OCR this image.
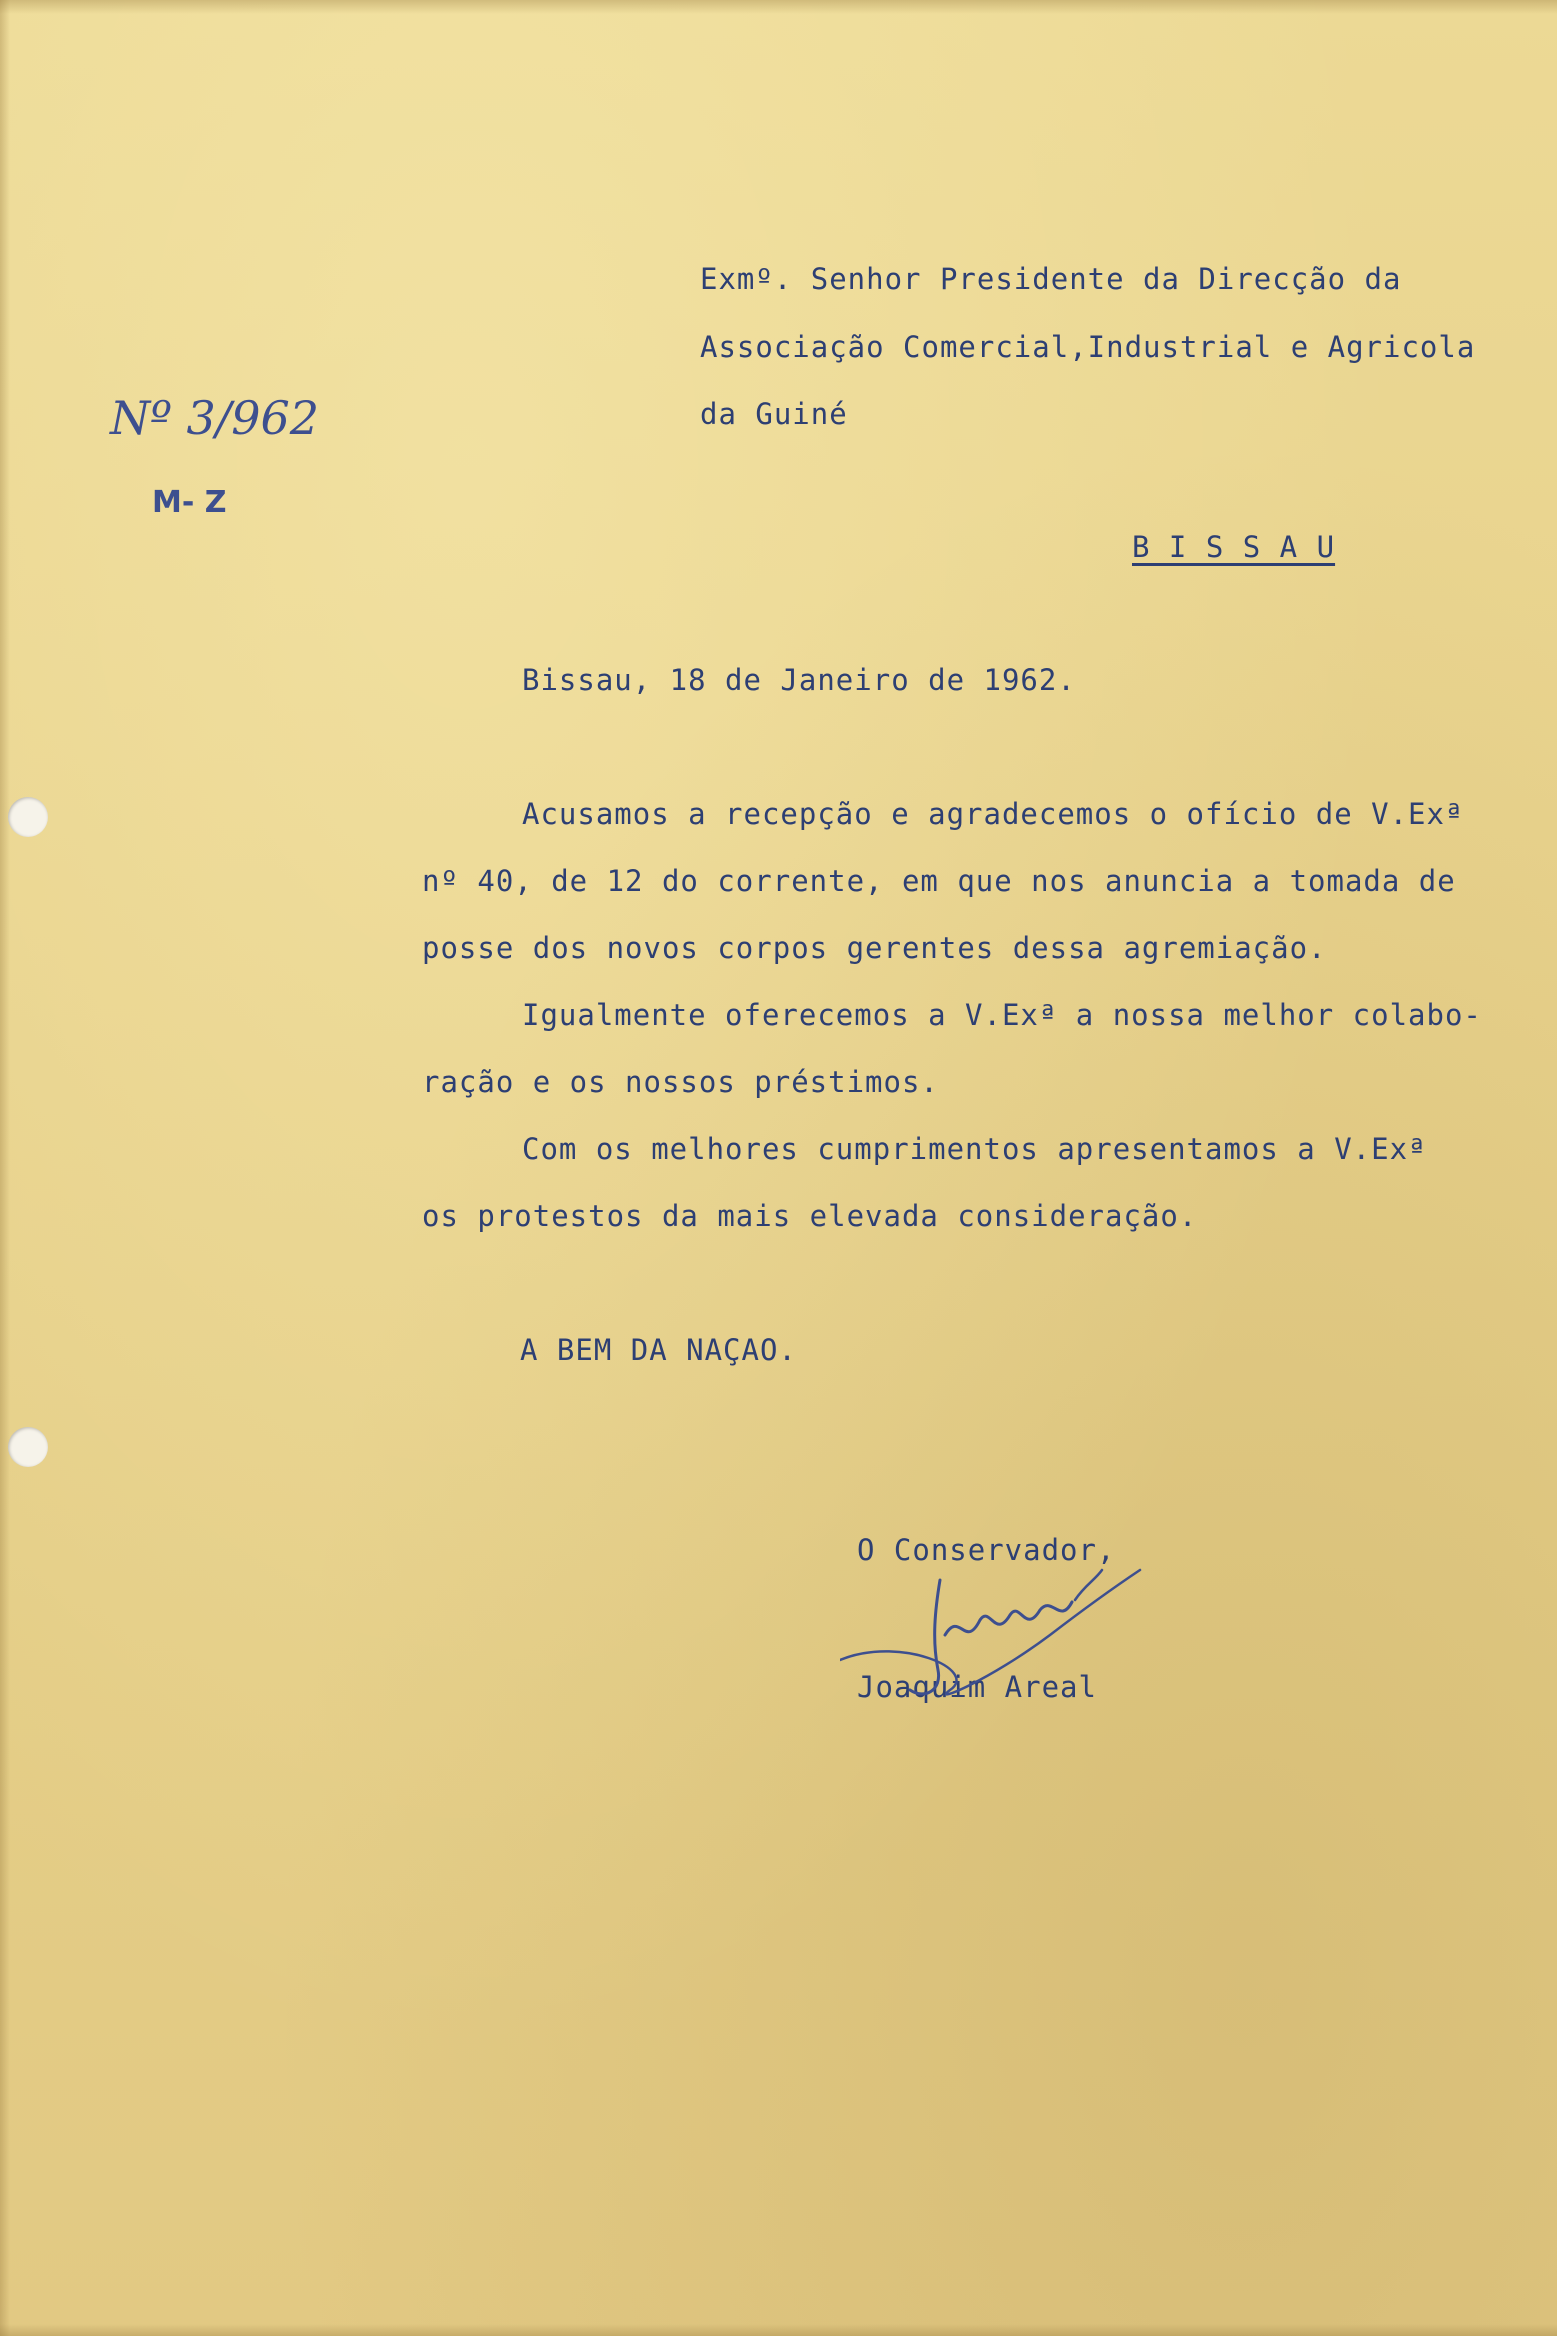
Nº 3/962
M- Z
Exmº. Senhor Presidente da Direcção da
Associação Comercial,Industrial e Agricola
da Guiné
B I S S A U
Bissau, 18 de Janeiro de 1962.
Acusamos a recepção e agradecemos o ofício de V.Exª
nº 40, de 12 do corrente, em que nos anuncia a tomada de
posse dos novos corpos gerentes dessa agremiação.
Igualmente oferecemos a V.Exª a nossa melhor colabo-
ração e os nossos préstimos.
Com os melhores cumprimentos apresentamos a V.Exª
os protestos da mais elevada consideração.
A BEM DA NAÇAO.
O Conservador,
Joaquim Areal
